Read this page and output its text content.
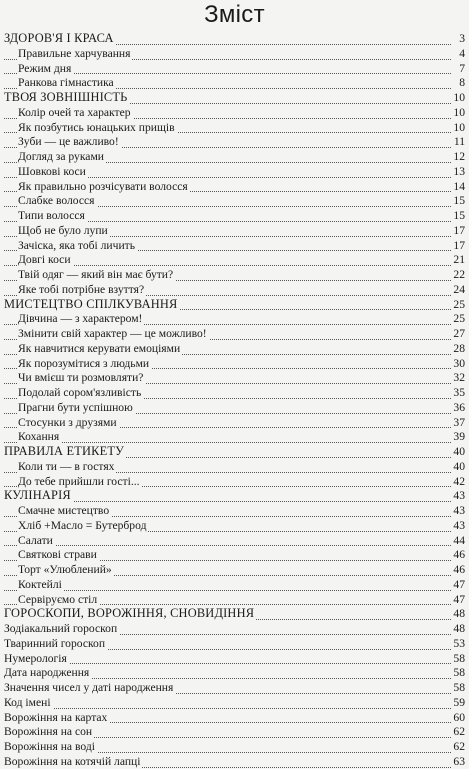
Зміст
ЗДОРОВ'Я І КРАСА	3
Правильне харчування	4
Режим дня	7
Ранкова гімнастика	8
ТВОЯ ЗОВНІШНІСТЬ	10
Колір очей та характер	10
Як позбутись юнацьких прищів	10
Зуби — це важливо!	11
Догляд за руками	12
Шовкові коси	13
Як правильно розчісувати волосся	14
Слабке волосся	15
Типи волосся	15
Щоб не було лупи	17
Зачіска, яка тобі личить	17
Довгі коси	21
Твій одяг — який він має бути?	22
Яке тобі потрібне взуття?	24
МИСТЕЦТВО СПІЛКУВАННЯ	25
Дівчина — з характером!	25
Змінити свій характер — це можливо!	27
Як навчитися керувати емоціями	28
Як порозумітися з людьми	30
Чи вмієш ти розмовляти?	32
Подолай сором'язливість	35
Прагни бути успішною	36
Стосунки з друзями	37
Кохання	39
ПРАВИЛА ЕТИКЕТУ	40
Коли ти — в гостях	40
До тебе прийшли гості...	42
КУЛІНАРІЯ	43
Смачне мистецтво	43
Хліб +Масло = Бутерброд	43
Салати	44
Святкові страви	46
Торт «Улюблений»	46
Коктейлі	47
Сервіруємо стіл	47
ГОРОСКОПИ, ВОРОЖІННЯ, СНОВИДІННЯ	48
Зодіакальний гороскоп	48
Тваринний гороскоп	53
Нумерологія	58
Дата народження	58
Значення чисел у даті народження	58
Код імені	59
Ворожіння на картах	60
Ворожіння на сон	62
Ворожіння на воді	62
Ворожіння на котячій лапці	63
